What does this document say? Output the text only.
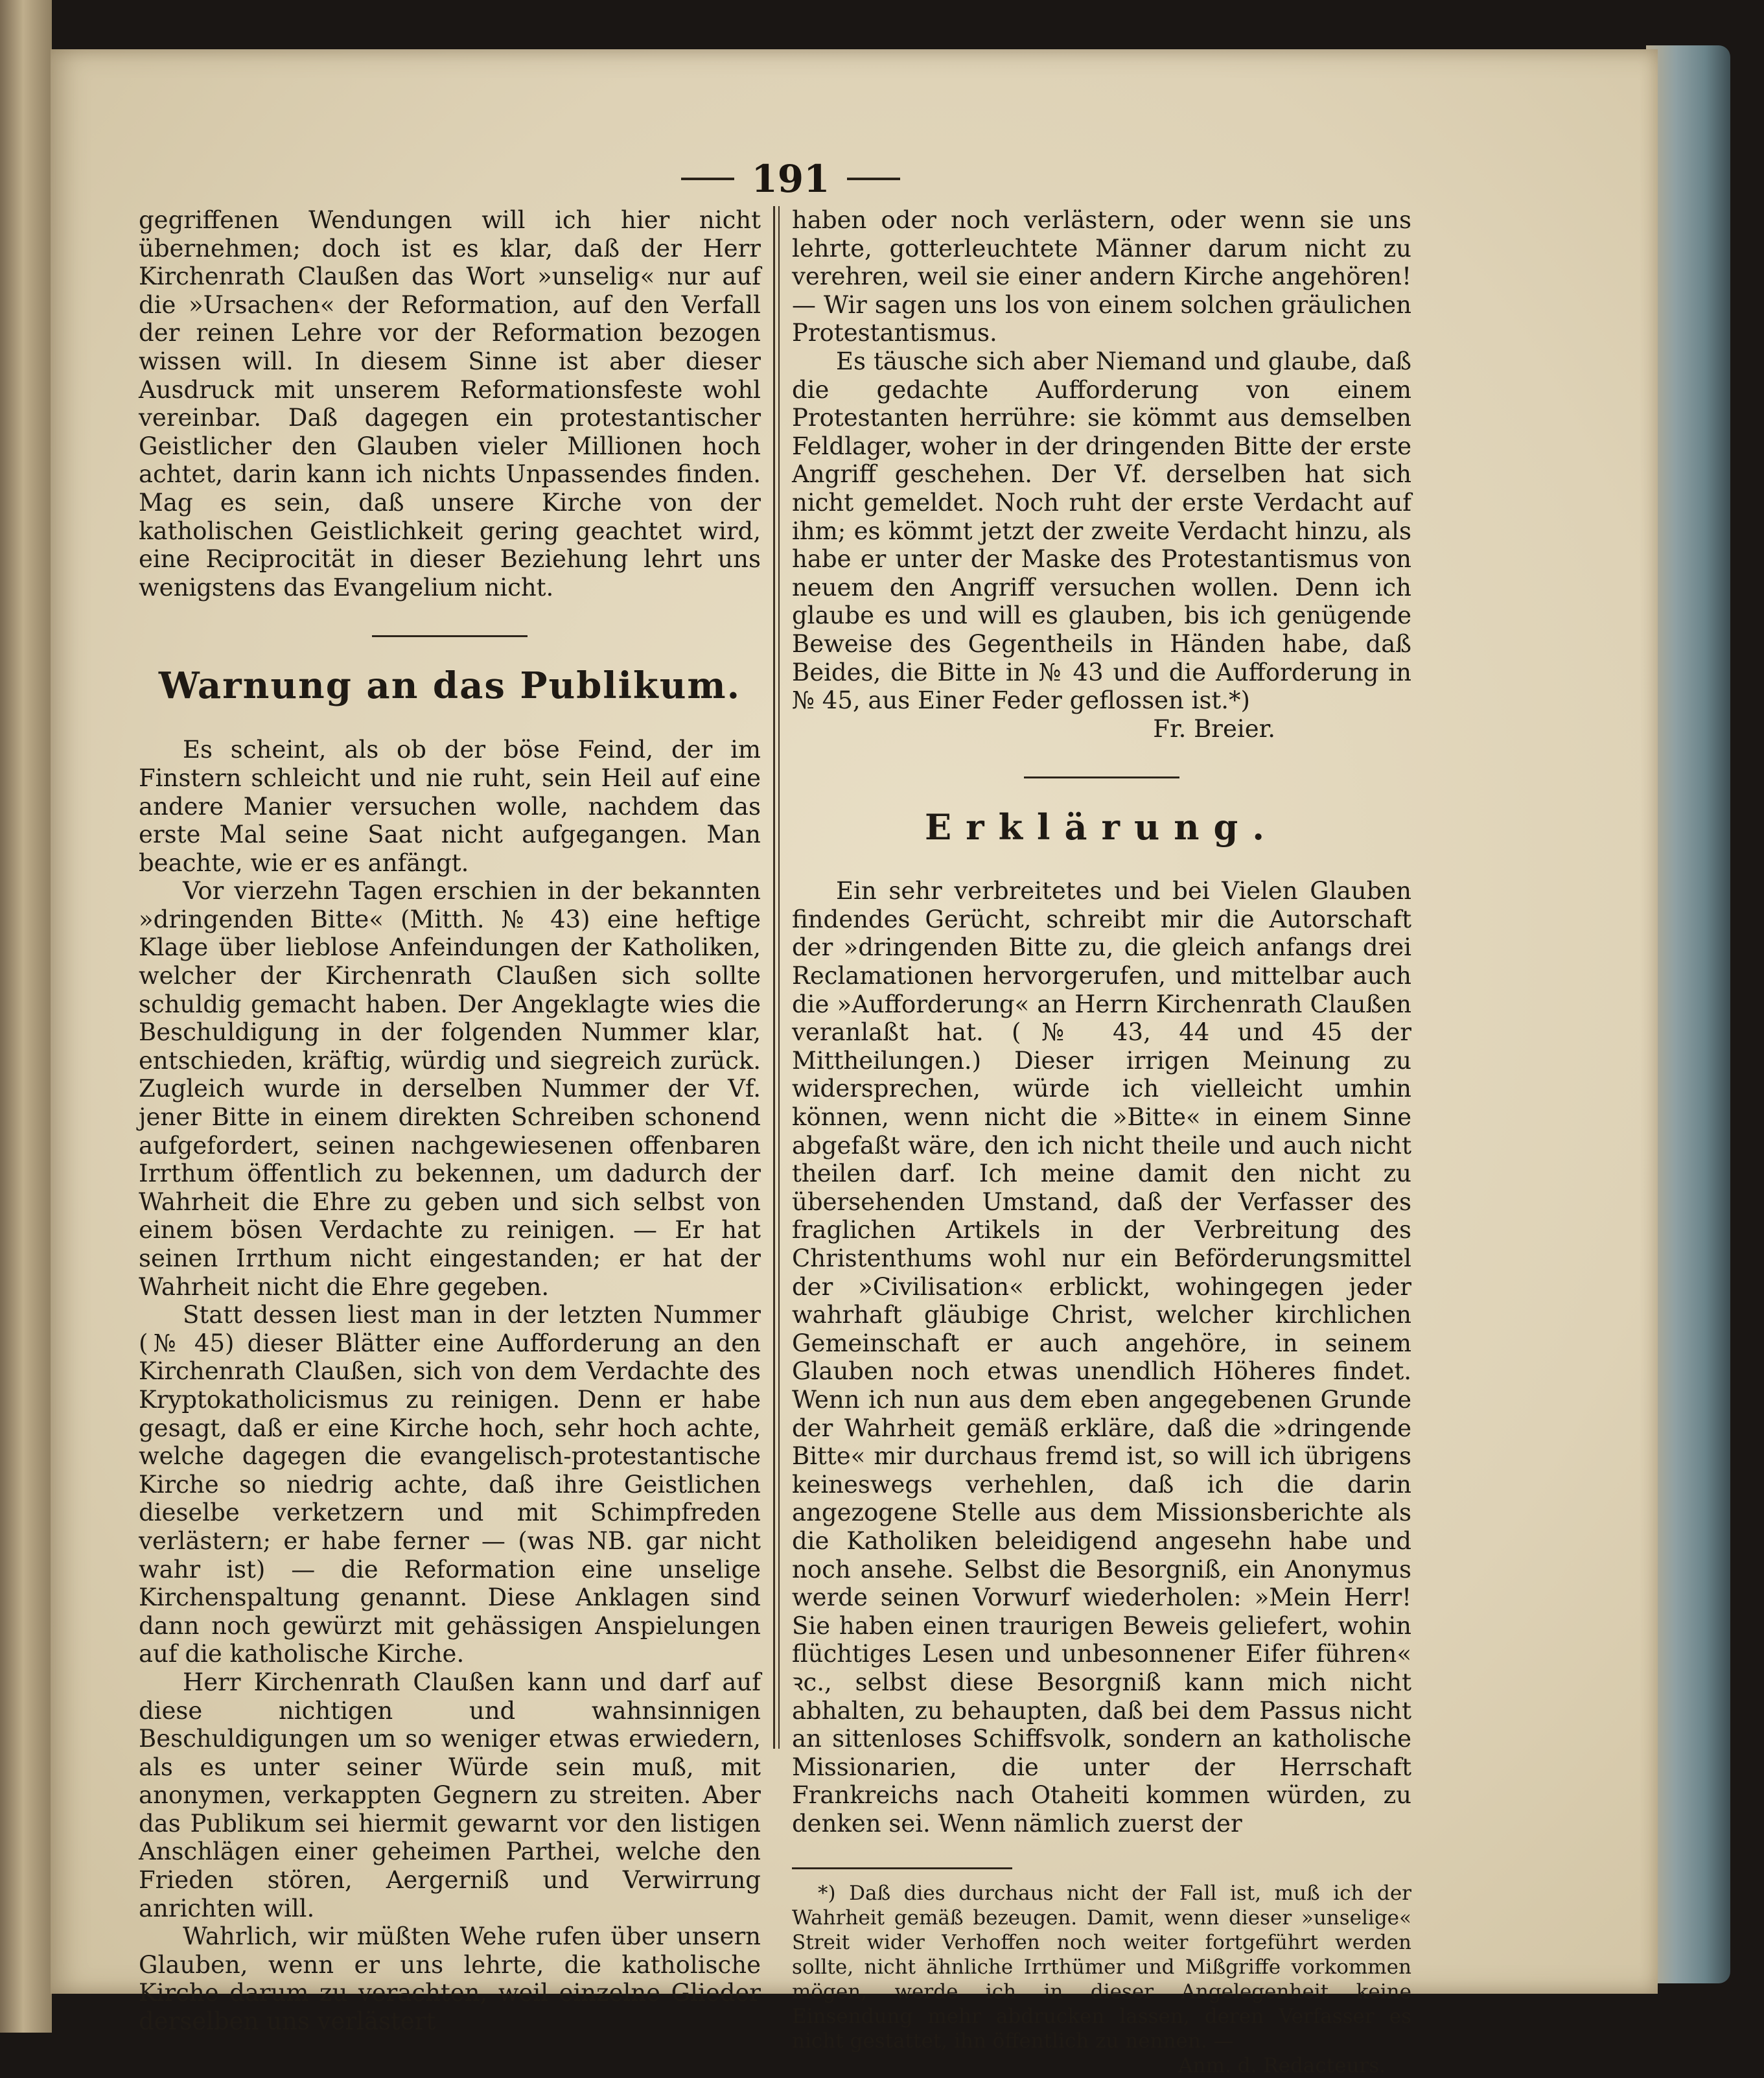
191

gegriffenen Wendungen will ich hier nicht übernehmen; doch ist es klar, daß der Herr Kirchenrath Claußen das Wort »unselig« nur auf die »Ursachen« der Reformation, auf den Verfall der reinen Lehre vor der Reformation bezogen wissen will. In diesem Sinne ist aber dieser Ausdruck mit unserem Reformationsfeste wohl vereinbar. Daß dagegen ein protestantischer Geistlicher den Glauben vieler Millionen hoch achtet, darin kann ich nichts Unpassendes finden. Mag es sein, daß unsere Kirche von der katholischen Geistlichkeit gering geachtet wird, eine Reciprocität in dieser Beziehung lehrt uns wenigstens das Evangelium nicht.

Warnung an das Publikum.

Es scheint, als ob der böse Feind, der im Finstern schleicht und nie ruht, sein Heil auf eine andere Manier versuchen wolle, nachdem das erste Mal seine Saat nicht aufgegangen. Man beachte, wie er es anfängt.

Vor vierzehn Tagen erschien in der bekannten »dringenden Bitte« (Mitth. № 43) eine heftige Klage über lieblose Anfeindungen der Katholiken, welcher der Kirchenrath Claußen sich sollte schuldig gemacht haben. Der Angeklagte wies die Beschuldigung in der folgenden Nummer klar, entschieden, kräftig, würdig und siegreich zurück. Zugleich wurde in derselben Nummer der Vf. jener Bitte in einem direkten Schreiben schonend aufgefordert, seinen nachgewiesenen offenbaren Irrthum öffentlich zu bekennen, um dadurch der Wahrheit die Ehre zu geben und sich selbst von einem bösen Verdachte zu reinigen. — Er hat seinen Irrthum nicht eingestanden; er hat der Wahrheit nicht die Ehre gegeben.

Statt dessen liest man in der letzten Nummer (№ 45) dieser Blätter eine Aufforderung an den Kirchenrath Claußen, sich von dem Verdachte des Kryptokatholicismus zu reinigen. Denn er habe gesagt, daß er eine Kirche hoch, sehr hoch achte, welche dagegen die evangelisch-protestantische Kirche so niedrig achte, daß ihre Geistlichen dieselbe verketzern und mit Schimpfreden verlästern; er habe ferner — (was NB. gar nicht wahr ist) — die Reformation eine unselige Kirchenspaltung genannt. Diese Anklagen sind dann noch gewürzt mit gehässigen Anspielungen auf die katholische Kirche.

Herr Kirchenrath Claußen kann und darf auf diese nichtigen und wahnsinnigen Beschuldigungen um so weniger etwas erwiedern, als es unter seiner Würde sein muß, mit anonymen, verkappten Gegnern zu streiten. Aber das Publikum sei hiermit gewarnt vor den listigen Anschlägen einer geheimen Parthei, welche den Frieden stören, Aergerniß und Verwirrung anrichten will.

Wahrlich, wir müßten Wehe rufen über unsern Glauben, wenn er uns lehrte, die katholische Kirche darum zu verachten, weil einzelne Glieder derselben uns verlästert

haben oder noch verlästern, oder wenn sie uns lehrte, gotterleuchtete Männer darum nicht zu verehren, weil sie einer andern Kirche angehören! — Wir sagen uns los von einem solchen gräulichen Protestantismus.

Es täusche sich aber Niemand und glaube, daß die gedachte Aufforderung von einem Protestanten herrühre: sie kömmt aus demselben Feldlager, woher in der dringenden Bitte der erste Angriff geschehen. Der Vf. derselben hat sich nicht gemeldet. Noch ruht der erste Verdacht auf ihm; es kömmt jetzt der zweite Verdacht hinzu, als habe er unter der Maske des Protestantismus von neuem den Angriff versuchen wollen. Denn ich glaube es und will es glauben, bis ich genügende Beweise des Gegentheils in Händen habe, daß Beides, die Bitte in № 43 und die Aufforderung in № 45, aus Einer Feder geflossen ist.*)

Fr. Breier.

Erklärung.

Ein sehr verbreitetes und bei Vielen Glauben findendes Gerücht, schreibt mir die Autorschaft der »dringenden Bitte zu, die gleich anfangs drei Reclamationen hervorgerufen, und mittelbar auch die »Aufforderung« an Herrn Kirchenrath Claußen veranlaßt hat. (№ 43, 44 und 45 der Mittheilungen.) Dieser irrigen Meinung zu widersprechen, würde ich vielleicht umhin können, wenn nicht die »Bitte« in einem Sinne abgefaßt wäre, den ich nicht theile und auch nicht theilen darf. Ich meine damit den nicht zu übersehenden Umstand, daß der Verfasser des fraglichen Artikels in der Verbreitung des Christenthums wohl nur ein Beförderungsmittel der »Civilisation« erblickt, wohingegen jeder wahrhaft gläubige Christ, welcher kirchlichen Gemeinschaft er auch angehöre, in seinem Glauben noch etwas unendlich Höheres findet. Wenn ich nun aus dem eben angegebenen Grunde der Wahrheit gemäß erkläre, daß die »dringende Bitte« mir durchaus fremd ist, so will ich übrigens keineswegs verhehlen, daß ich die darin angezogene Stelle aus dem Missionsberichte als die Katholiken beleidigend angesehn habe und noch ansehe. Selbst die Besorgniß, ein Anonymus werde seinen Vorwurf wiederholen: »Mein Herr! Sie haben einen traurigen Beweis geliefert, wohin flüchtiges Lesen und unbesonnener Eifer führen« ꝛc., selbst diese Besorgniß kann mich nicht abhalten, zu behaupten, daß bei dem Passus nicht an sittenloses Schiffsvolk, sondern an katholische Missionarien, die unter der Herrschaft Frankreichs nach Otaheiti kommen würden, zu denken sei. Wenn nämlich zuerst der

*) Daß dies durchaus nicht der Fall ist, muß ich der Wahrheit gemäß bezeugen. Damit, wenn dieser »unselige« Streit wider Verhoffen noch weiter fortgeführt werden sollte, nicht ähnliche Irrthümer und Mißgriffe vorkommen mögen, werde ich in dieser Angelegenheit keine Einsendung mehr abdrucken lassen, deren Verfasser es nicht gestattet, ihn öffentlich zu nennen. —

Anm. d. Redacteurs.
